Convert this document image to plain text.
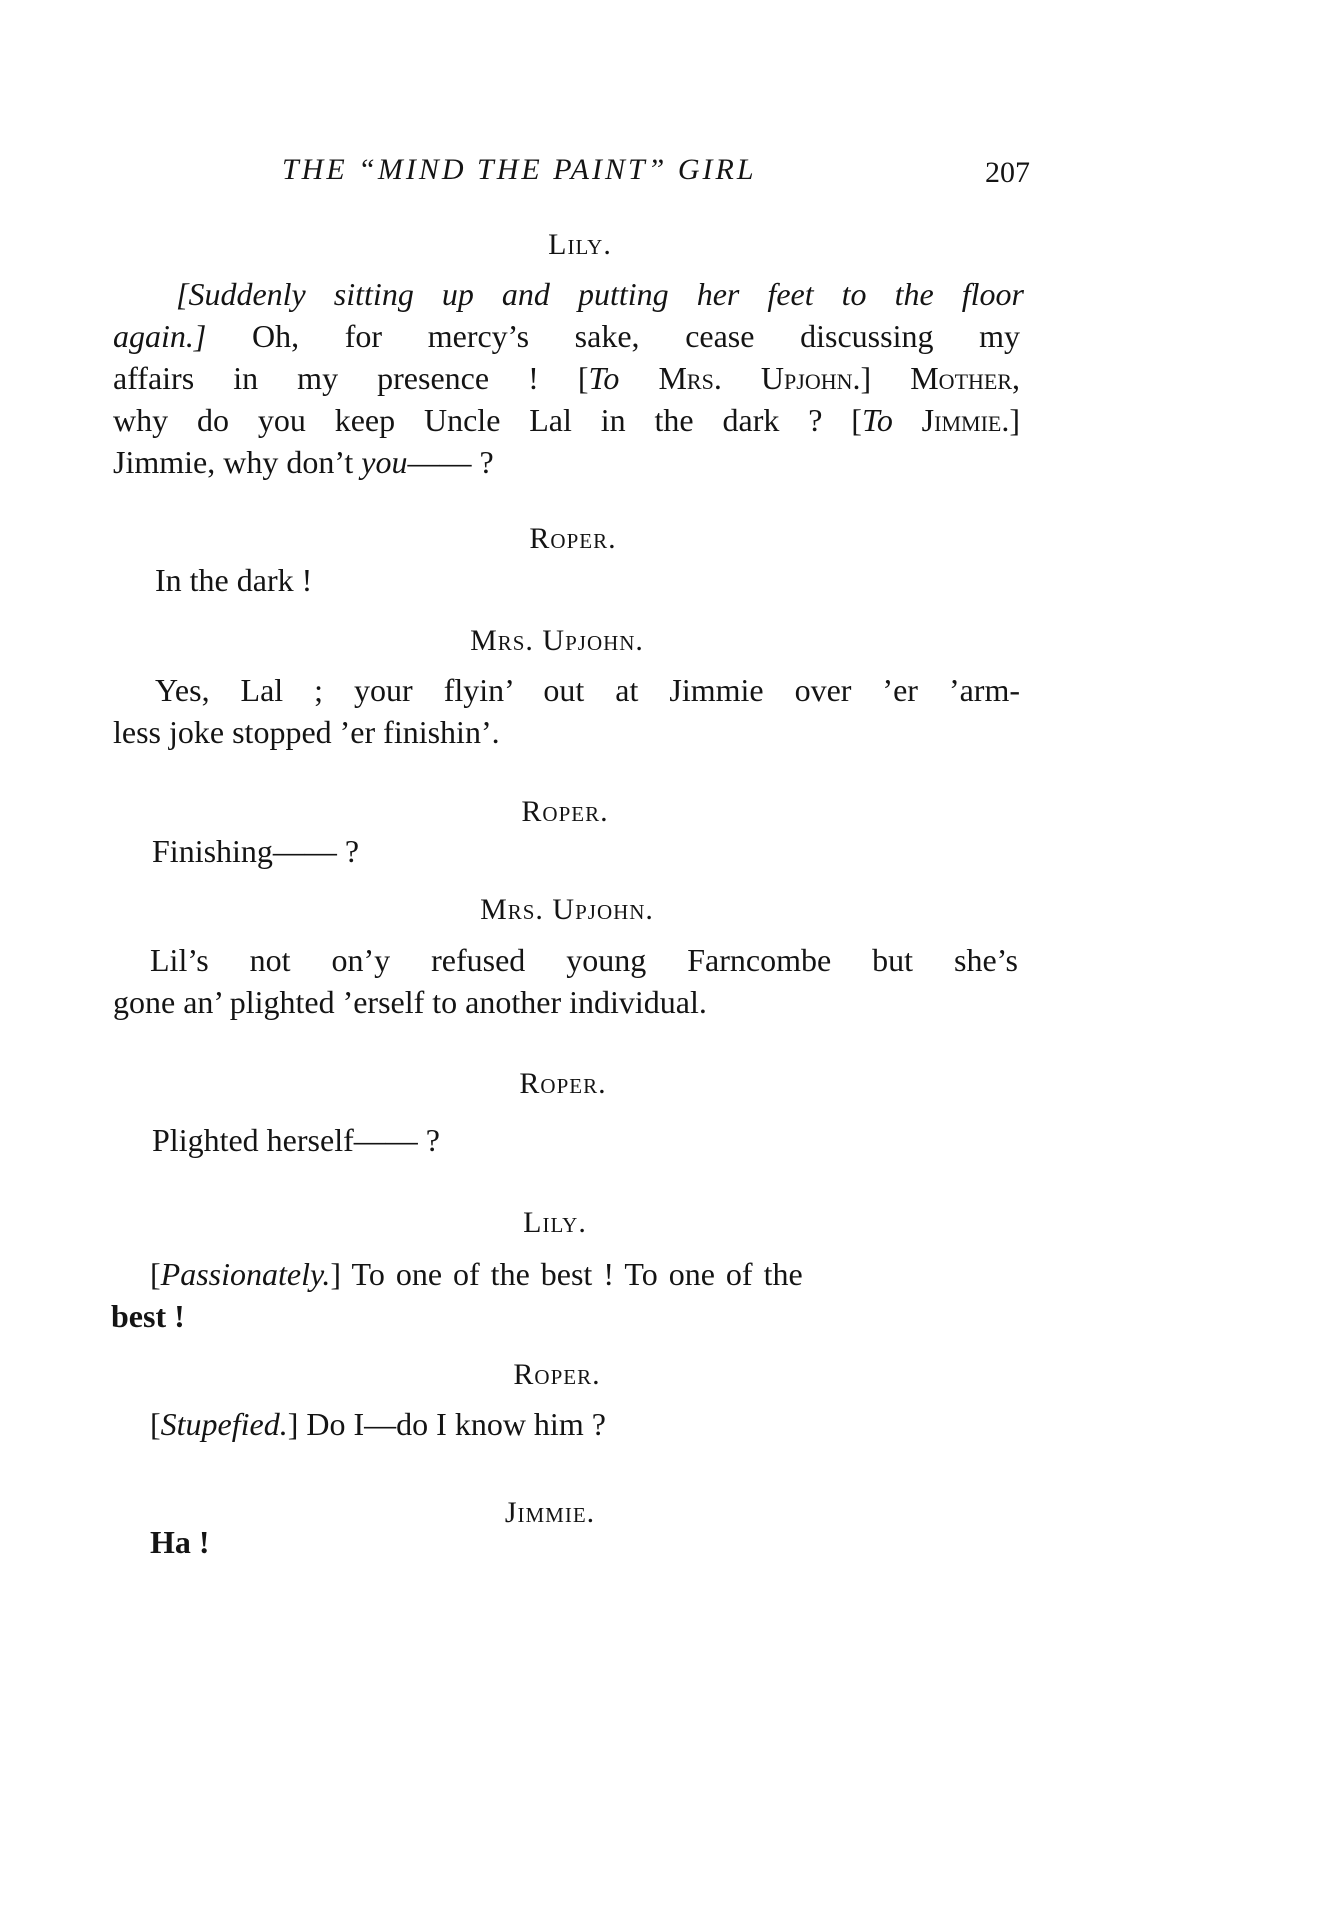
THE “MIND THE PAINT” GIRL	207
Lily.
[Suddenly sitting up and putting her feet to the floor
again.] Oh, for mercy’s sake, cease discussing my
affairs in my presence ! [To Mrs. Upjohn.] Mother,
why do you keep Uncle Lal in the dark ? [To Jimmie.]
Jimmie, why don’t you—— ?
Roper.
In the dark !
Mrs. Upjohn.
Yes, Lal ; your flyin’ out at Jimmie over ’er ’arm-
less joke stopped ’er finishin’.
Roper.
Finishing—— ?
Mrs. Upjohn.
Lil’s not on’y refused young Farncombe but she’s
gone an’ plighted ’erself to another individual.
Roper.
Plighted herself—— ?
Lily.
[Passionately.] To one of the best ! To one of the
best !
Roper.
[Stupefied.] Do I—do I know him ?
Jimmie.
Ha !
